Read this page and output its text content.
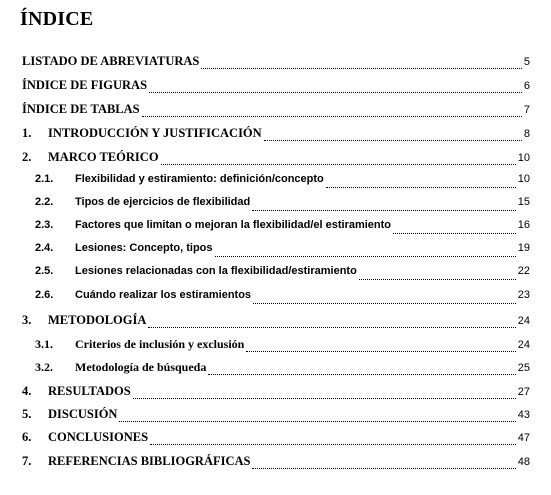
ÍNDICE
LISTADO DE ABREVIATURAS	5
ÍNDICE DE FIGURAS	6
ÍNDICE DE TABLAS	7
1. INTRODUCCIÓN Y JUSTIFICACIÓN	8
2. MARCO TEÓRICO	10
2.1. Flexibilidad y estiramiento: definición/concepto	10
2.2. Tipos de ejercicios de flexibilidad	15
2.3. Factores que limitan o mejoran la flexibilidad/el estiramiento	16
2.4. Lesiones: Concepto, tipos	19
2.5. Lesiones relacionadas con la flexibilidad/estiramiento	22
2.6. Cuándo realizar los estiramientos	23
3. METODOLOGÍA	24
3.1. Criterios de inclusión y exclusión	24
3.2. Metodología de búsqueda	25
4. RESULTADOS	27
5. DISCUSIÓN	43
6. CONCLUSIONES	47
7. REFERENCIAS BIBLIOGRÁFICAS	48
